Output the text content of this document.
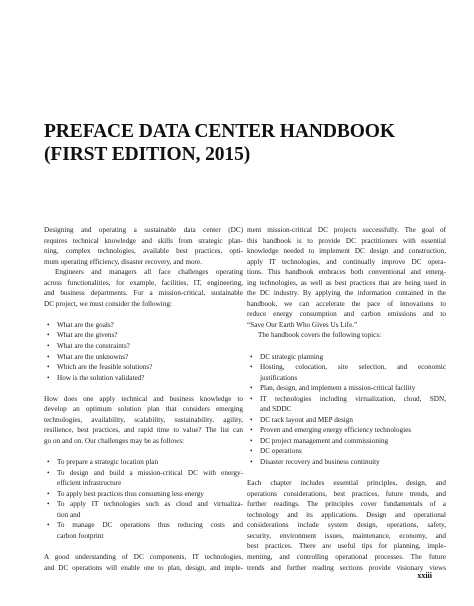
PREFACE DATA CENTER HANDBOOK
(FIRST EDITION, 2015)
Designing and operating a sustainable data center (DC)
requires technical knowledge and skills from strategic plan-
ning, complex technologies, available best practices, opti-
mum operating efficiency, disaster recovery, and more.
Engineers and managers all face challenges operating
across functionalities, for example, facilities, IT, engineering,
and business departments. For a mission-critical, sustainable
DC project, we must consider the following:
• What are the goals?
• What are the givens?
• What are the constraints?
• What are the unknowns?
• Which are the feasible solutions?
• How is the solution validated?
How does one apply technical and business knowledge to
develop an optimum solution plan that considers emerging
technologies, availability, scalability, sustainability, agility,
resilience, best practices, and rapid time to value? The list can
go on and on. Our challenges may be as follows:
• To prepare a strategic location plan
• To design and build a mission-critical DC with energy-
efficient infrastructure
• To apply best practices thus consuming less energy
• To apply IT technologies such as cloud and virtualiza-
tion and
• To manage DC operations thus reducing costs and
carbon footprint
A good understanding of DC components, IT technologies,
and DC operations will enable one to plan, design, and imple-
ment mission-critical DC projects successfully. The goal of
this handbook is to provide DC practitioners with essential
knowledge needed to implement DC design and construction,
apply IT technologies, and continually improve DC opera-
tions. This handbook embraces both conventional and emerg-
ing technologies, as well as best practices that are being used in
the DC industry. By applying the information contained in the
handbook, we can accelerate the pace of innovations to
reduce energy consumption and carbon emissions and to
“Save Our Earth Who Gives Us Life.”
The handbook covers the following topics:
• DC strategic planning
• Hosting, colocation, site selection, and economic
justifications
• Plan, design, and implement a mission-critical facility
• IT technologies including virtualization, cloud, SDN,
and SDDC
• DC rack layout and MEP design
• Proven and emerging energy efficiency technologies
• DC project management and commissioning
• DC operations
• Disaster recovery and business continuity
Each chapter includes essential principles, design, and
operations considerations, best practices, future trends, and
further readings. The principles cover fundamentals of a
technology and its applications. Design and operational
considerations include system design, operations, safety,
security, environment issues, maintenance, economy, and
best practices. There are useful tips for planning, imple-
menting, and controlling operational processes. The future
trends and further reading sections provide visionary views
xxiii
